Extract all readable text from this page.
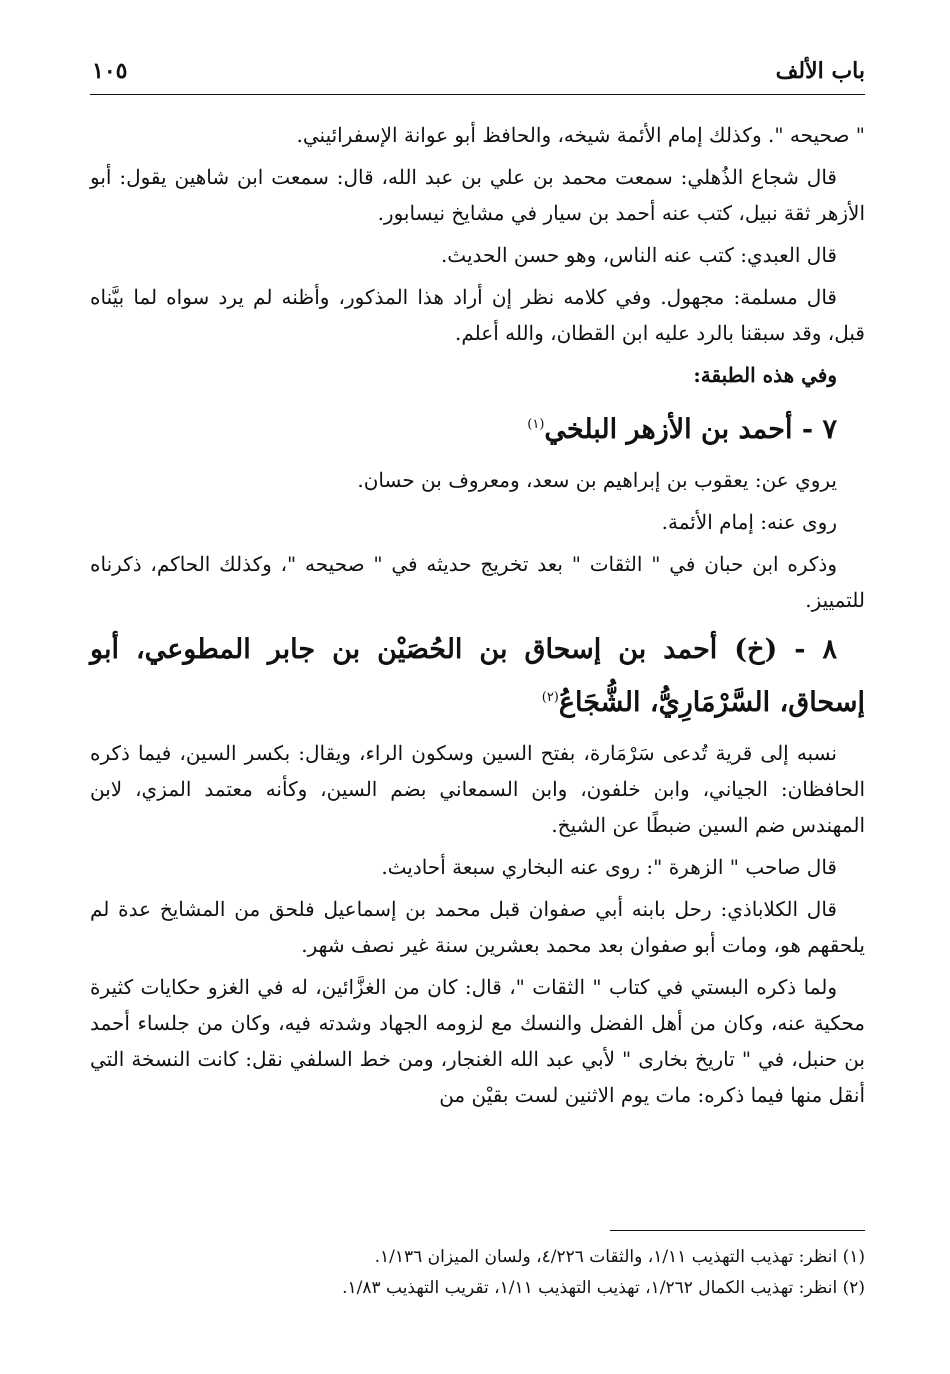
باب الألف
١٠٥

" صحيحه ". وكذلك إمام الأئمة شيخه، والحافظ أبو عوانة الإسفرائيني.

قال شجاع الذُهلي: سمعت محمد بن علي بن عبد الله، قال: سمعت ابن شاهين يقول: أبو الأزهر ثقة نبيل، كتب عنه أحمد بن سيار في مشايخ نيسابور.

قال العبدي: كتب عنه الناس، وهو حسن الحديث.

قال مسلمة: مجهول. وفي كلامه نظر إن أراد هذا المذكور، وأظنه لم يرد سواه لما بيَّناه قبل، وقد سبقنا بالرد عليه ابن القطان، والله أعلم.

وفي هذه الطبقة:

٧ - أحمد بن الأزهر البلخي$^{(١)}$

يروي عن: يعقوب بن إبراهيم بن سعد، ومعروف بن حسان.

روى عنه: إمام الأئمة.

وذكره ابن حبان في " الثقات " بعد تخريج حديثه في " صحيحه "، وكذلك الحاكم، ذكرناه للتمييز.

٨ - (خ) أحمد بن إسحاق بن الحُصَيْن بن جابر المطوعي، أبو إسحاق، السَّرْمَارِيُّ، الشُّجَاعُ$^{(٢)}$

نسبه إلى قرية تُدعى سَرْمَارة، بفتح السين وسكون الراء، ويقال: بكسر السين، فيما ذكره الحافظان: الجياني، وابن خلفون، وابن السمعاني بضم السين، وكأنه معتمد المزي، لابن المهندس ضم السين ضبطًا عن الشيخ.

قال صاحب " الزهرة ": روى عنه البخاري سبعة أحاديث.

قال الكلاباذي: رحل بابنه أبي صفوان قبل محمد بن إسماعيل فلحق من المشايخ عدة لم يلحقهم هو، ومات أبو صفوان بعد محمد بعشرين سنة غير نصف شهر.

ولما ذكره البستي في كتاب " الثقات "، قال: كان من الغزَّائين، له في الغزو حكايات كثيرة محكية عنه، وكان من أهل الفضل والنسك مع لزومه الجهاد وشدته فيه، وكان من جلساء أحمد بن حنبل، في " تاريخ بخارى " لأبي عبد الله الغنجار، ومن خط السلفي نقل: كانت النسخة التي أنقل منها فيما ذكره: مات يوم الاثنين لست بقيْن من

(١) انظر: تهذيب التهذيب ١/١١، والثقات ٤/٢٢٦، ولسان الميزان ١/١٣٦.

(٢) انظر: تهذيب الكمال ١/٢٦٢، تهذيب التهذيب ١/١١، تقريب التهذيب ١/٨٣.
